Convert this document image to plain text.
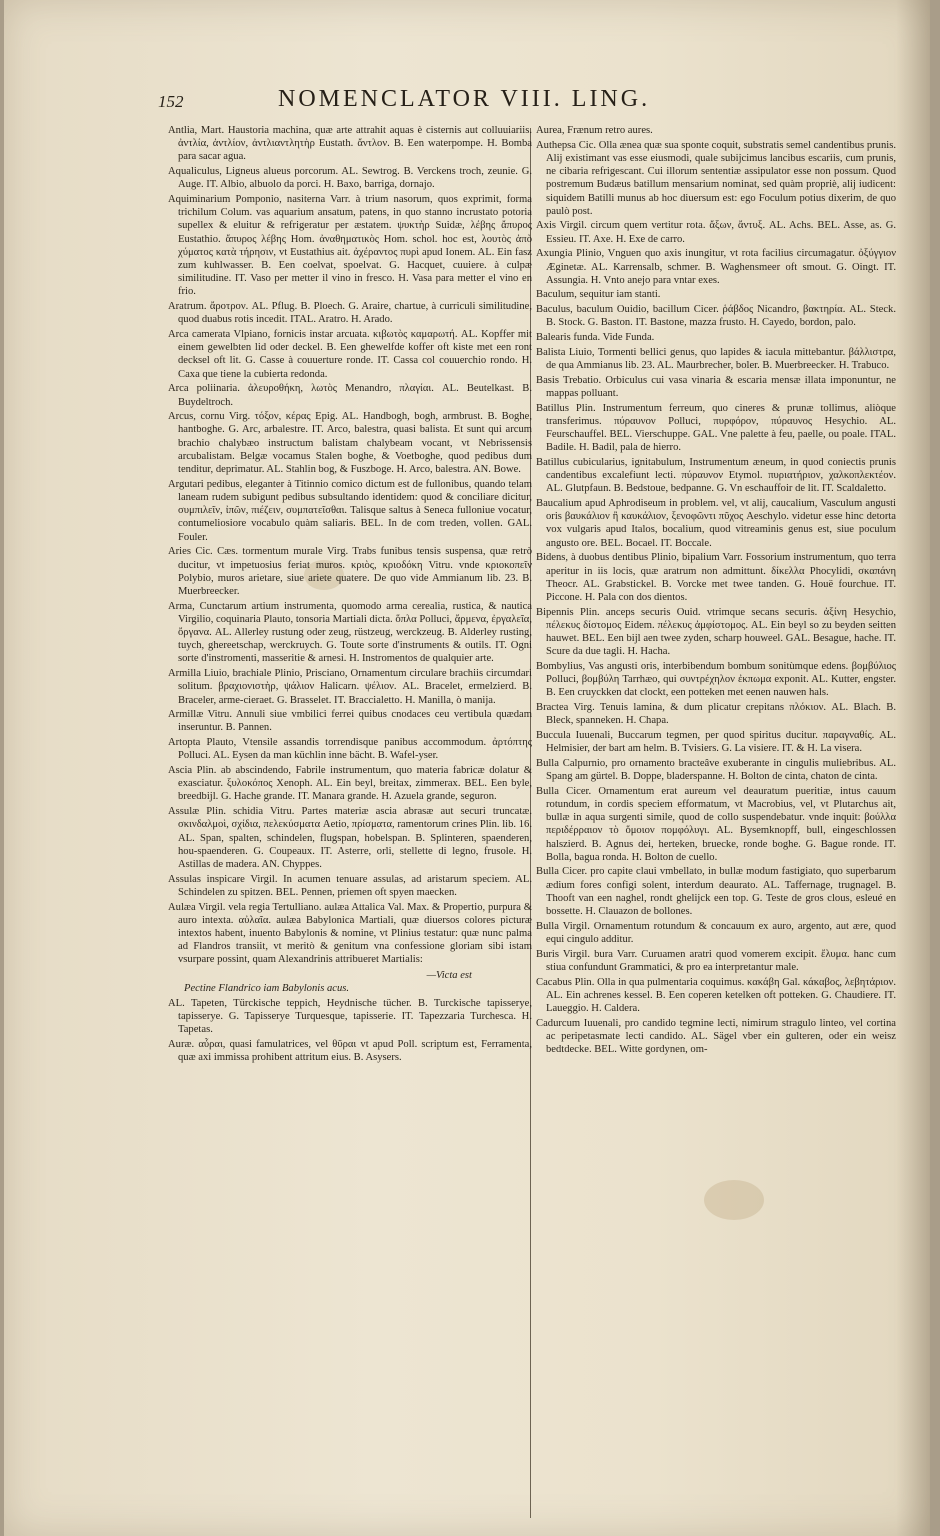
152	NOMENCLATOR VIII. LING.

Antlia, Mart. Haustoria machina, quæ arte attrahit aquas è cisternis aut colluuiariis. ἀντλία, ἀντλίον, ἀντλιαντλητὴρ Eustath. ἄντλον. B. Een waterpompe. H. Bomba para sacar agua.

Aqualiculus, Ligneus alueus porcorum. AL. Sewtrog. B. Verckens troch, zeunie. G. Auge. IT. Albio, albuolo da porci. H. Baxo, barriga, dornajo.

Aquiminarium Pomponio, nasiterna Varr. à trium nasorum, quos exprimit, forma trichilum Colum. vas aquarium ansatum, patens, in quo stanno incrustato potoria supellex & eluitur & refrigeratur per æstatem. ψυκτὴρ Suidæ, λέβης ἄπυρος Eustathio. ἄπυρος λέβης Hom. ἀναθηματικὸς Hom. schol. hoc est, λουτὸς ἀπὸ χύματος κατὰ τήρησιν, vt Eustathius ait. ἀχέραντος πυρὶ apud Ionem. AL. Ein fasz zum kuhlwasser. B. Een coelvat, spoelvat. G. Hacquet, cuuiere. à culpæ similitudine. IT. Vaso per metter il vino in fresco. H. Vasa para metter el vino en frio.

Aratrum. ἄροτρον. AL. Pflug. B. Ploech. G. Araire, chartue, à curriculi similitudine, quod duabus rotis incedit. ITAL. Aratro. H. Arado.

Arca camerata Vlpiano, fornicis instar arcuata. κιβωτὸς καμαρωτή. AL. Kopffer mit einem gewelbten lid oder deckel. B. Een ghewelfde koffer oft kiste met een ront decksel oft lit. G. Casse à couuerture ronde. IT. Cassa col couuerchio rondo. H. Caxa que tiene la cubierta redonda.

Arca poliinaria. ἀλευροθήκη, λωτὸς Menandro, πλαγίαι. AL. Beutelkast. B. Buydeltroch.

Arcus, cornu Virg. τόξον, κέρας Epig. AL. Handbogh, bogh, armbrust. B. Boghe, hantboghe. G. Arc, arbalestre. IT. Arco, balestra, quasi balista. Et sunt qui arcum brachio chalybæo instructum balistam chalybeam vocant, vt Nebrissensis arcubalistam. Belgæ vocamus Stalen boghe, & Voetboghe, quod pedibus dum tenditur, deprimatur. AL. Stahlin bog, & Fuszboge. H. Arco, balestra. AN. Bowe.

Argutari pedibus, eleganter à Titinnio comico dictum est de fullonibus, quando telam laneam rudem subigunt pedibus subsultando identidem: quod & conciliare dicitur, συμπιλεῖν, ἰπῶν, πιέζειν, συμπατεῖσθαι. Talisque saltus à Seneca fulloniue vocatur, contumeliosiore vocabulo quàm saliaris. BEL. In de com treden, vollen. GAL. Fouler.

Aries Cic. Cæs. tormentum murale Virg. Trabs funibus tensis suspensa, quæ retrò ducitur, vt impetuosius feriat muros. κριὸς, κριοδόκη Vitru. vnde κριοκοπεῖν Polybio, muros arietare, siue ariete quatere. De quo vide Ammianum lib. 23. B. Muerbreecker.

Arma, Cunctarum artium instrumenta, quomodo arma cerealia, rustica, & nautica Virgilio, coquinaria Plauto, tonsoria Martiali dicta. ὅπλα Polluci, ἄρμενα, ἐργαλεῖα, ὄργανα. AL. Allerley rustung oder zeug, rüstzeug, werckzeug. B. Alderley rusting, tuych, ghereetschap, werckruych. G. Toute sorte d'instruments & outils. IT. Ogni sorte d'instromenti, masseritie & arnesi. H. Instromentos de qualquier arte.

Armilla Liuio, brachiale Plinio, Prisciano, Ornamentum circulare brachiis circumdari solitum. βραχιονιστὴρ, ψάλιον Halicarn. ψέλιον. AL. Bracelet, ermelzierd. B. Braceler, arme-cieraet. G. Brasselet. IT. Braccialetto. H. Manilla, ò manija.

Armillæ Vitru. Annuli siue vmbilici ferrei quibus cnodaces ceu vertibula quædam inseruntur. B. Pannen.

Artopta Plauto, Vtensile assandis torrendisque panibus accommodum. ἀρτόπτης Polluci. AL. Eysen da man küchlin inne bächt. B. Wafel-yser.

Ascia Plin. ab abscindendo, Fabrile instrumentum, quo materia fabricæ dolatur & exasciatur. ξυλοκόπος Xenoph. AL. Ein beyl, breitax, zimmerax. BEL. Een byle, breedbijl. G. Hache grande. IT. Manara grande. H. Azuela grande, seguron.

Assulæ Plin. schidia Vitru. Partes materiæ ascia abrasæ aut securi truncatæ. σκινδαλμοὶ, σχίδια, πελεκύσματα Aetio, πρίσματα, ramentorum crines Plin. lib. 16. AL. Span, spalten, schindelen, flugspan, hobelspan. B. Splinteren, spaenderen, hou-spaenderen. G. Coupeaux. IT. Asterre, orli, stellette di legno, frusole. H. Astillas de madera. AN. Chyppes.

Assulas inspicare Virgil. In acumen tenuare assulas, ad aristarum speciem. AL. Schindelen zu spitzen. BEL. Pennen, priemen oft spyen maecken.

Aulæa Virgil. vela regia Tertulliano. aulæa Attalica Val. Max. & Propertio, purpura & auro intexta. αὐλαῖα. aulæa Babylonica Martiali, quæ diuersos colores picturæ intextos habent, inuento Babylonis & nomine, vt Plinius testatur: quæ nunc palma ad Flandros transiit, vt meritò & genitum vna confessione gloriam sibi istam vsurpare possint, quam Alexandrinis attribueret Martialis:

—Victa est
Pectine Flandrico iam Babylonis acus.

AL. Tapeten, Türckische teppich, Heydnische tücher. B. Turckische tapisserye, tapisserye. G. Tapisserye Turquesque, tapisserie. IT. Tapezzaria Turchesca. H. Tapetas.

Auræ. αὖραι, quasi famulatrices, vel θῦραι vt apud Poll. scriptum est, Ferramenta, quæ axi immissa prohibent attritum eius. B. Asysers.

Aurea, Frænum retro aures.

Authepsa Cic. Olla ænea quæ sua sponte coquit, substratis semel candentibus prunis. Alij existimant vas esse eiusmodi, quale subijcimus lancibus escariis, cum prunis, ne cibaria refrigescant. Cui illorum sententiæ assipulator esse non possum. Quod postremum Budæus batillum mensarium nominat, sed quàm propriè, alij iudicent: siquidem Batilli munus ab hoc diuersum est: ego Foculum potius dixerim, de quo paulò post.

Axis Virgil. circum quem vertitur rota. ἄξων, ἄντυξ. AL. Achs. BEL. Asse, as. G. Essieu. IT. Axe. H. Exe de carro.

Axungia Plinio, Vnguen quo axis inungitur, vt rota facilius circumagatur. ὀξύγγιον Æginetæ. AL. Karrensalb, schmer. B. Waghensmeer oft smout. G. Oingt. IT. Assungia. H. Vnto anejo para vntar exes.

Baculum, sequitur iam stanti.

Baculus, baculum Ouidio, bacillum Cicer. ῥάβδος Nicandro, βακτηρία. AL. Steck. B. Stock. G. Baston. IT. Bastone, mazza frusto. H. Cayedo, bordon, palo.

Balearis funda. Vide Funda.

Balista Liuio, Tormenti bellici genus, quo lapides & iacula mittebantur. βάλλιστρα, de qua Ammianus lib. 23. AL. Maurbrecher, boler. B. Muerbreecker. H. Trabuco.

Basis Trebatio. Orbiculus cui vasa vinaria & escaria mensæ illata imponuntur, ne mappas polluant.

Batillus Plin. Instrumentum ferreum, quo cineres & prunæ tollimus, aliòque transferimus. πύραυνον Polluci, πυρφόρον, πύραυνος Hesychio. AL. Feurschauffel. BEL. Vierschuppe. GAL. Vne palette à feu, paelle, ou poale. ITAL. Badile. H. Badil, pala de hierro.

Batillus cubicularius, ignitabulum, Instrumentum æneum, in quod coniectis prunis candentibus excalefiunt lecti. πύραυνον Etymol. πυριατήριον, χαλκοπλεκτέον. AL. Glutpfaun. B. Bedstoue, bedpanne. G. Vn eschauffoir de lit. IT. Scaldaletto.

Baucalium apud Aphrodiseum in problem. vel, vt alij, caucalium, Vasculum angusti oris βαυκάλιον ἢ καυκάλιον, ξενοφῶντι πῦχος Aeschylo. videtur esse hinc detorta vox vulgaris apud Italos, bocalium, quod vitreaminis genus est, siue poculum angusto ore. BEL. Bocael. IT. Boccale.

Bidens, à duobus dentibus Plinio, bipalium Varr. Fossorium instrumentum, quo terra aperitur in iis locis, quæ aratrum non admittunt. δίκελλα Phocylidi, σκαπάνη Theocr. AL. Grabstickel. B. Vorcke met twee tanden. G. Houë fourchue. IT. Piccone. H. Pala con dos dientos.

Bipennis Plin. anceps securis Ouid. vtrimque secans securis. ἀξίνη Hesychio, πέλεκυς δίστομος Eidem. πέλεκυς ἀμφίστομος. AL. Ein beyl so zu beyden seitten hauwet. BEL. Een bijl aen twee zyden, scharp houweel. GAL. Besague, hache. IT. Scure da due tagli. H. Hacha.

Bombylius, Vas angusti oris, interbibendum bombum sonitùmque edens. βομβύλιος Polluci, βομβύλη Tarrhæo, qui συντρέχηλον ἐκπωμα exponit. AL. Kutter, engster. B. Een cruyckken dat clockt, een potteken met eenen nauwen hals.

Bractea Virg. Tenuis lamina, & dum plicatur crepitans πλόκιον. AL. Blach. B. Bleck, spanneken. H. Chapa.

Buccula Iuuenali, Buccarum tegmen, per quod spiritus ducitur. παραγναθίς. AL. Helmisier, der bart am helm. B. Tvisiers. G. La visiere. IT. & H. La visera.

Bulla Calpurnio, pro ornamento bracteâve exuberante in cingulis muliebribus. AL. Spang am gürtel. B. Doppe, bladerspanne. H. Bolton de cinta, chaton de cinta.

Bulla Cicer. Ornamentum erat aureum vel deauratum pueritiæ, intus cauum rotundum, in cordis speciem efformatum, vt Macrobius, vel, vt Plutarchus ait, bullæ in aqua surgenti simile, quod de collo suspendebatur. vnde inquit: βούλλα περιδέρραιον τὸ ὅμοιον πομφόλυγι. AL. Bysemknopff, bull, eingeschlossen halszierd. B. Agnus dei, herteken, brueckе, ronde boghe. G. Bague ronde. IT. Bolla, bagua ronda. H. Bolton de cuello.

Bulla Cicer. pro capite claui vmbellato, in bullæ modum fastigiato, quo superbarum ædium fores configi solent, interdum deaurato. AL. Taffernage, trugnagel. B. Thooft van een naghel, rondt ghelijck een top. G. Teste de gros clous, esleué en bossette. H. Clauazon de bollones.

Bulla Virgil. Ornamentum rotundum & concauum ex auro, argento, aut ære, quod equi cingulo additur.

Buris Virgil. bura Varr. Curuamen aratri quod vomerem excipit. ἔλυμα. hanc cum stiua confundunt Grammatici, & pro ea interpretantur male.

Cacabus Plin. Olla in qua pulmentaria coquimus. κακάβη Gal. κάκαβος, λεβητάριον. AL. Ein achrenes kessel. B. Een coperen ketelken oft potteken. G. Chaudiere. IT. Laueggio. H. Caldera.

Cadurcum Iuuenali, pro candido tegmine lecti, nimirum stragulo linteo, vel cortina ac peripetasmate lecti candido. AL. Sägel vber ein gulteren, oder ein weisz bedtdecke. BEL. Witte gordynen, om-
